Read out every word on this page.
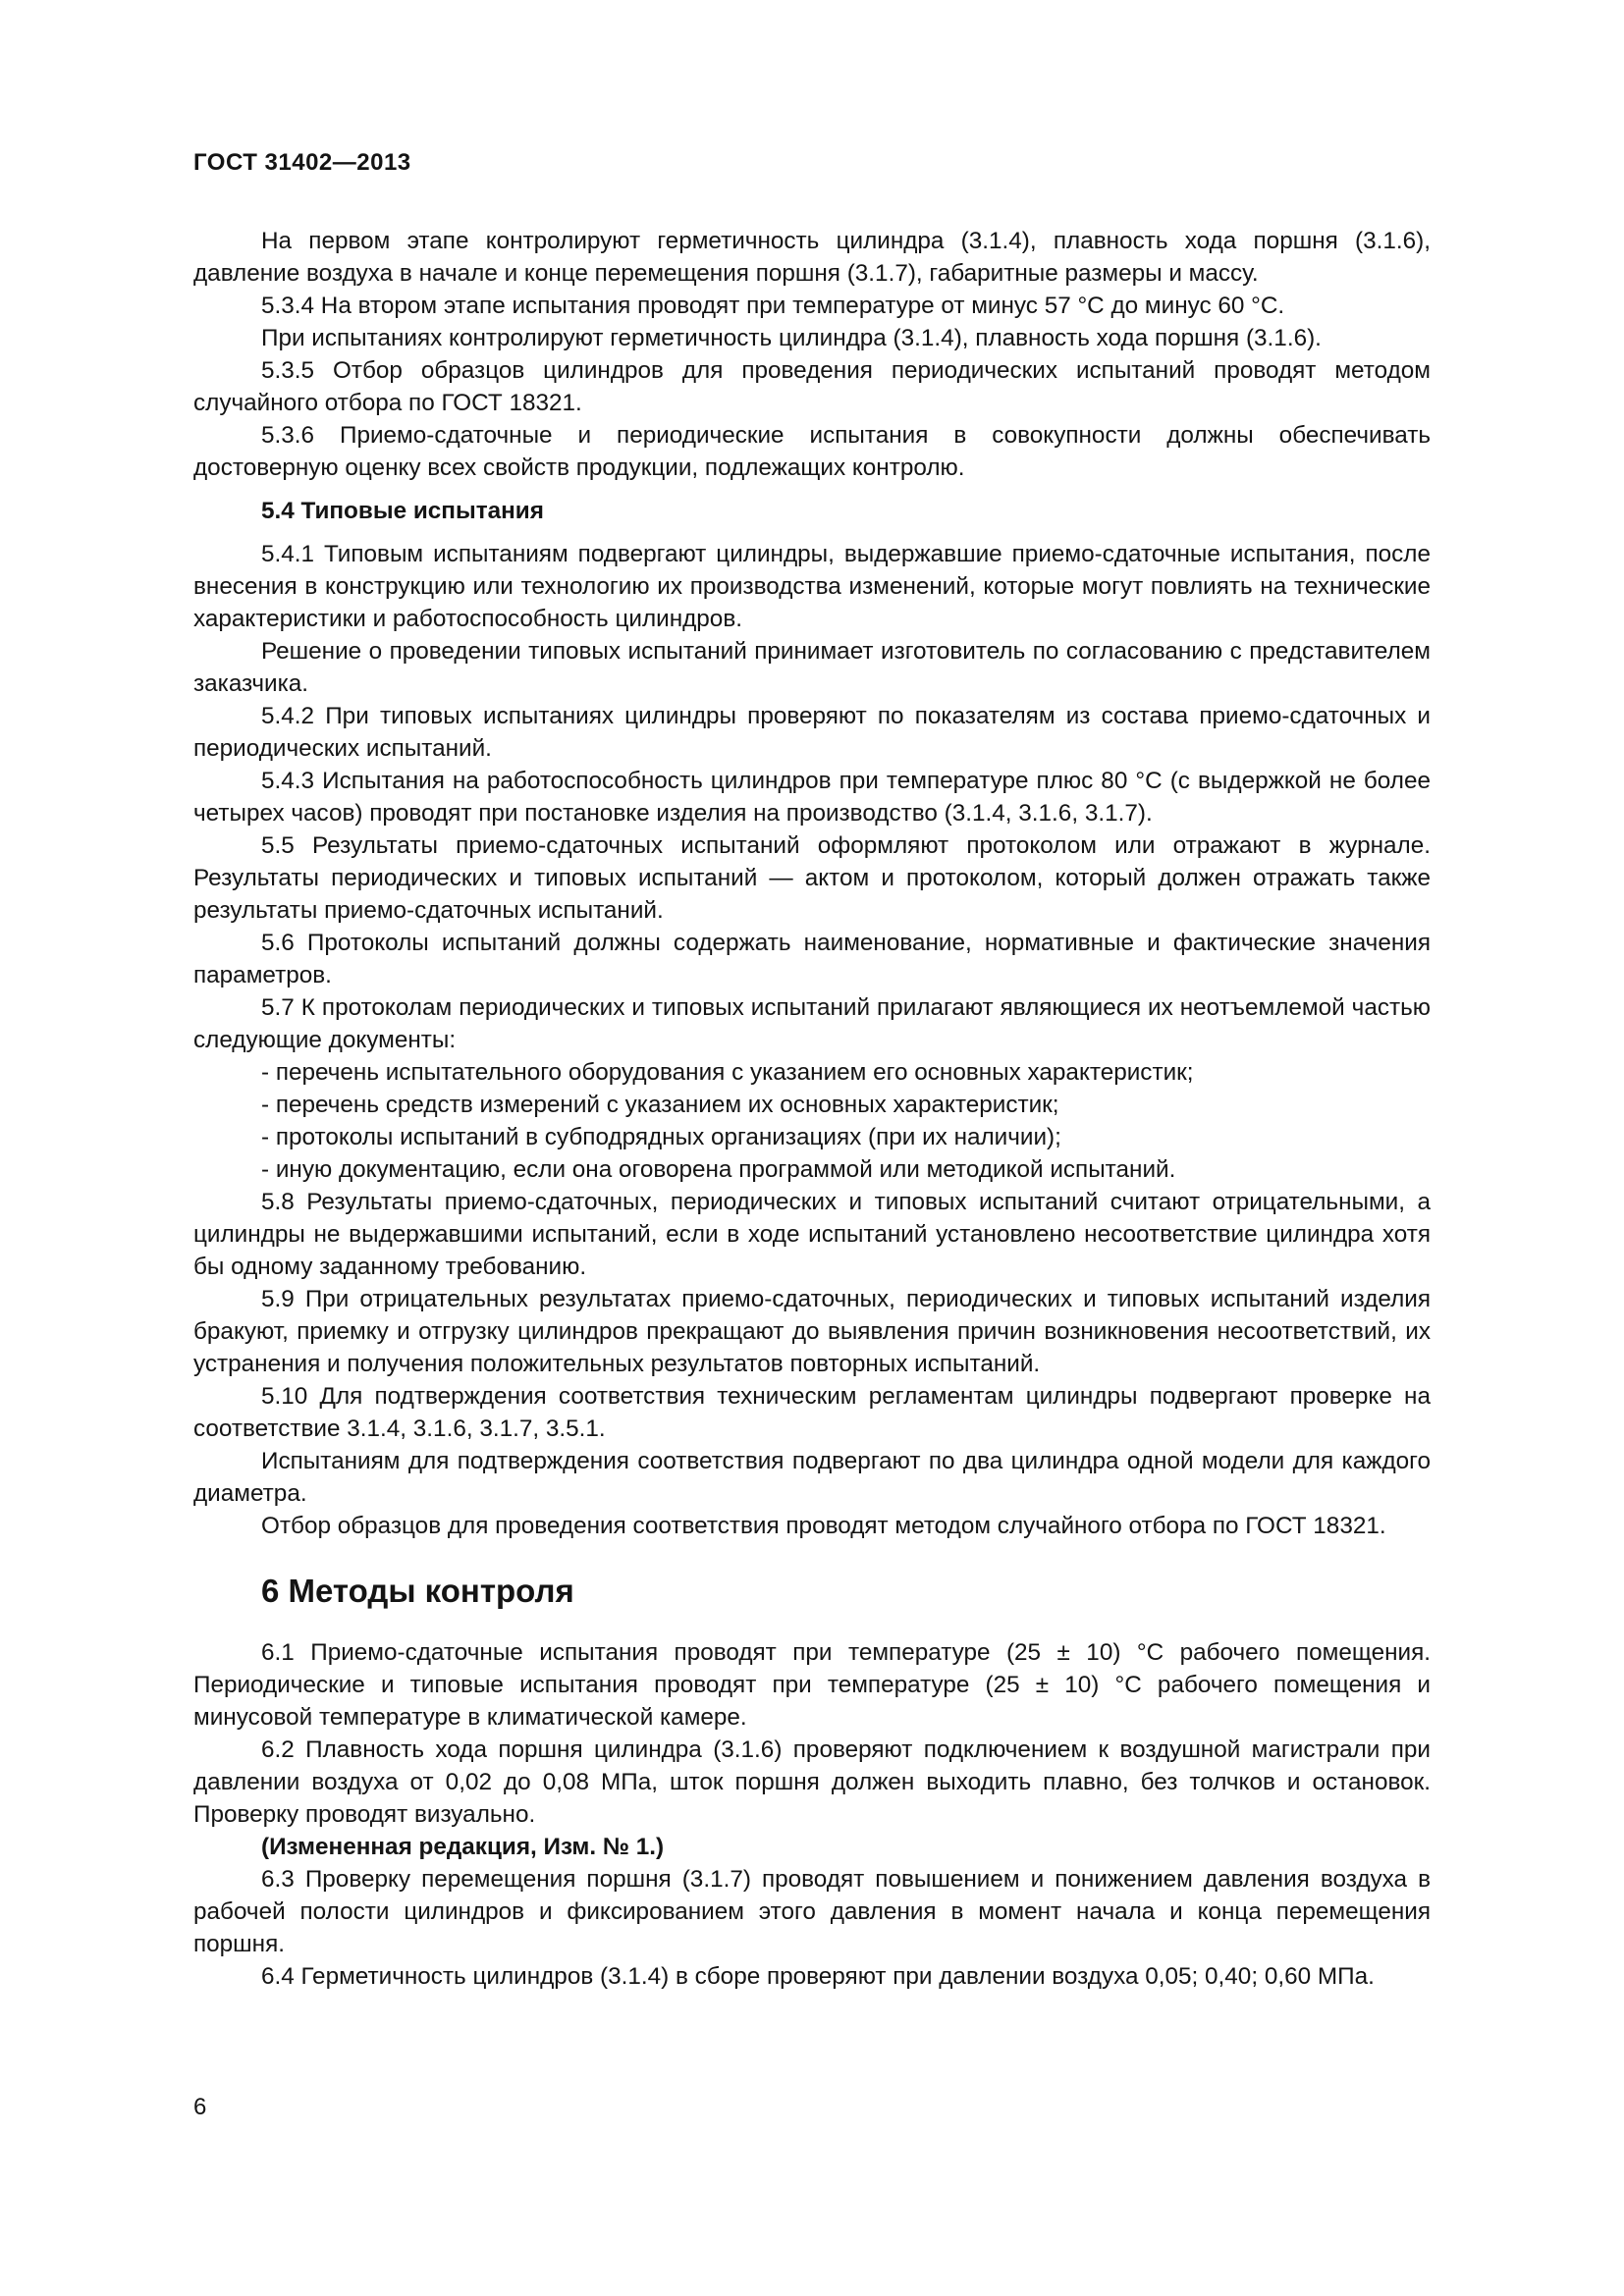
ГОСТ 31402—2013

На первом этапе контролируют герметичность цилиндра (3.1.4), плавность хода поршня (3.1.6), давление воздуха в начале и конце перемещения поршня (3.1.7), габаритные размеры и массу.

5.3.4 На втором этапе испытания проводят при температуре от минус 57 °С до минус 60 °С.

При испытаниях контролируют герметичность цилиндра (3.1.4), плавность хода поршня (3.1.6).

5.3.5 Отбор образцов цилиндров для проведения периодических испытаний проводят методом случайного отбора по ГОСТ 18321.

5.3.6 Приемо-сдаточные и периодические испытания в совокупности должны обеспечивать достоверную оценку всех свойств продукции, подлежащих контролю.

5.4 Типовые испытания

5.4.1 Типовым испытаниям подвергают цилиндры, выдержавшие приемо-сдаточные испытания, после внесения в конструкцию или технологию их производства изменений, которые могут повлиять на технические характеристики и работоспособность цилиндров.

Решение о проведении типовых испытаний принимает изготовитель по согласованию с представителем заказчика.

5.4.2 При типовых испытаниях цилиндры проверяют по показателям из состава приемо-сдаточных и периодических испытаний.

5.4.3 Испытания на работоспособность цилиндров при температуре плюс 80 °С (с выдержкой не более четырех часов) проводят при постановке изделия на производство (3.1.4, 3.1.6, 3.1.7).

5.5 Результаты приемо-сдаточных испытаний оформляют протоколом или отражают в журнале. Результаты периодических и типовых испытаний — актом и протоколом, который должен отражать также результаты приемо-сдаточных испытаний.

5.6 Протоколы испытаний должны содержать наименование, нормативные и фактические значения параметров.

5.7 К протоколам периодических и типовых испытаний прилагают являющиеся их неотъемлемой частью следующие документы:

- перечень испытательного оборудования с указанием его основных характеристик;

- перечень средств измерений с указанием их основных характеристик;

- протоколы испытаний в субподрядных организациях (при их наличии);

- иную документацию, если она оговорена программой или методикой испытаний.

5.8 Результаты приемо-сдаточных, периодических и типовых испытаний считают отрицательными, а цилиндры не выдержавшими испытаний, если в ходе испытаний установлено несоответствие цилиндра хотя бы одному заданному требованию.

5.9 При отрицательных результатах приемо-сдаточных, периодических и типовых испытаний изделия бракуют, приемку и отгрузку цилиндров прекращают до выявления причин возникновения несоответствий, их устранения и получения положительных результатов повторных испытаний.

5.10 Для подтверждения соответствия техническим регламентам цилиндры подвергают проверке на соответствие 3.1.4, 3.1.6, 3.1.7, 3.5.1.

Испытаниям для подтверждения соответствия подвергают по два цилиндра одной модели для каждого диаметра.

Отбор образцов для проведения соответствия проводят методом случайного отбора по ГОСТ 18321.

6 Методы контроля

6.1 Приемо-сдаточные испытания проводят при температуре (25 ± 10) °С рабочего помещения. Периодические и типовые испытания проводят при температуре (25 ± 10) °С рабочего помещения и минусовой температуре в климатической камере.

6.2 Плавность хода поршня цилиндра (3.1.6) проверяют подключением к воздушной магистрали при давлении воздуха от 0,02 до 0,08 МПа, шток поршня должен выходить плавно, без толчков и остановок. Проверку проводят визуально.

(Измененная редакция, Изм. № 1.)

6.3 Проверку перемещения поршня (3.1.7) проводят повышением и понижением давления воздуха в рабочей полости цилиндров и фиксированием этого давления в момент начала и конца перемещения поршня.

6.4 Герметичность цилиндров (3.1.4) в сборе проверяют при давлении воздуха 0,05; 0,40; 0,60 МПа.

6
